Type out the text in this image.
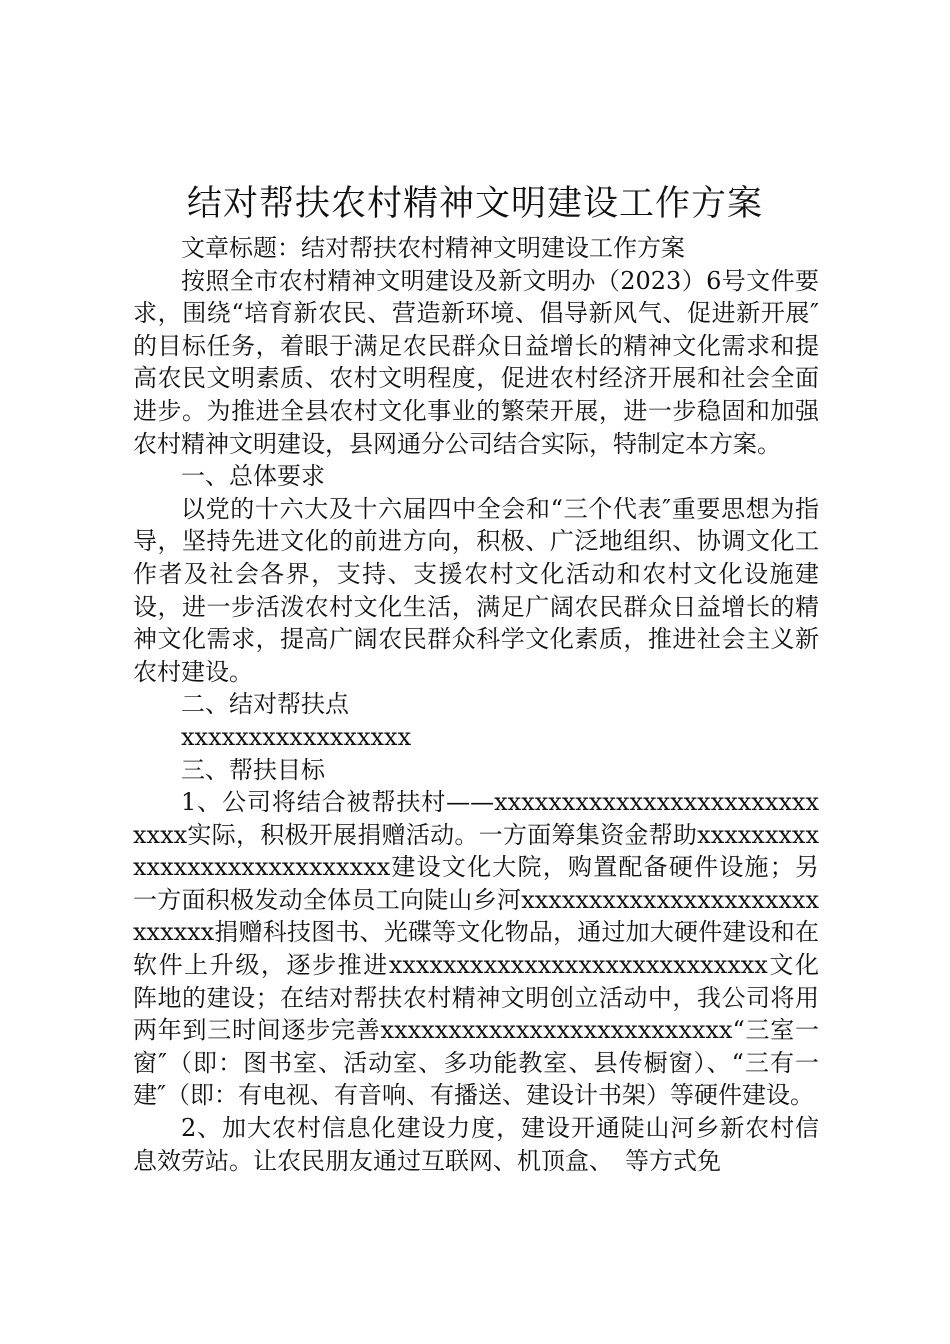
结对帮扶农村精神文明建设工作方案

文章标题：结对帮扶农村精神文明建设工作方案

按照全市农村精神文明建设及新文明办（2023）6号文件要求，围绕“培育新农民、营造新环境、倡导新风气、促进新开展″的目标任务，着眼于满足农民群众日益增长的精神文化需求和提高农民文明素质、农村文明程度，促进农村经济开展和社会全面进步。为推进全县农村文化事业的繁荣开展，进一步稳固和加强农村精神文明建设，县网通分公司结合实际，特制定本方案。

一、总体要求

以党的十六大及十六届四中全会和“三个代表″重要思想为指导，坚持先进文化的前进方向，积极、广泛地组织、协调文化工作者及社会各界，支持、支援农村文化活动和农村文化设施建设，进一步活泼农村文化生活，满足广阔农民群众日益增长的精神文化需求，提高广阔农民群众科学文化素质，推进社会主义新农村建设。

二、结对帮扶点

xxxxxxxxxxxxxxxxx

三、帮扶目标

1、公司将结合被帮扶村——xxxxxxxxxxxxxxxxxxxxxxxxxxxx实际，积极开展捐赠活动。一方面筹集资金帮助xxxxxxxxxxxxxxxxxxxxxxxxxxxx建设文化大院，购置配备硬件设施；另一方面积极发动全体员工向陡山乡河xxxxxxxxxxxxxxxxxxxxxxxxxxxx捐赠科技图书、光碟等文化物品，通过加大硬件建设和在软件上升级，逐步推进xxxxxxxxxxxxxxxxxxxxxxxxxxxx文化阵地的建设；在结对帮扶农村精神文明创立活动中，我公司将用两年到三时间逐步完善xxxxxxxxxxxxxxxxxxxxxxxxxx“三室一窗″（即：图书室、活动室、多功能教室、县传橱窗）、“三有一建″（即：有电视、有音响、有播送、建设计书架）等硬件建设。

2、加大农村信息化建设力度，建设开通陡山河乡新农村信息效劳站。让农民朋友通过互联网、机顶盒、　等方式免
